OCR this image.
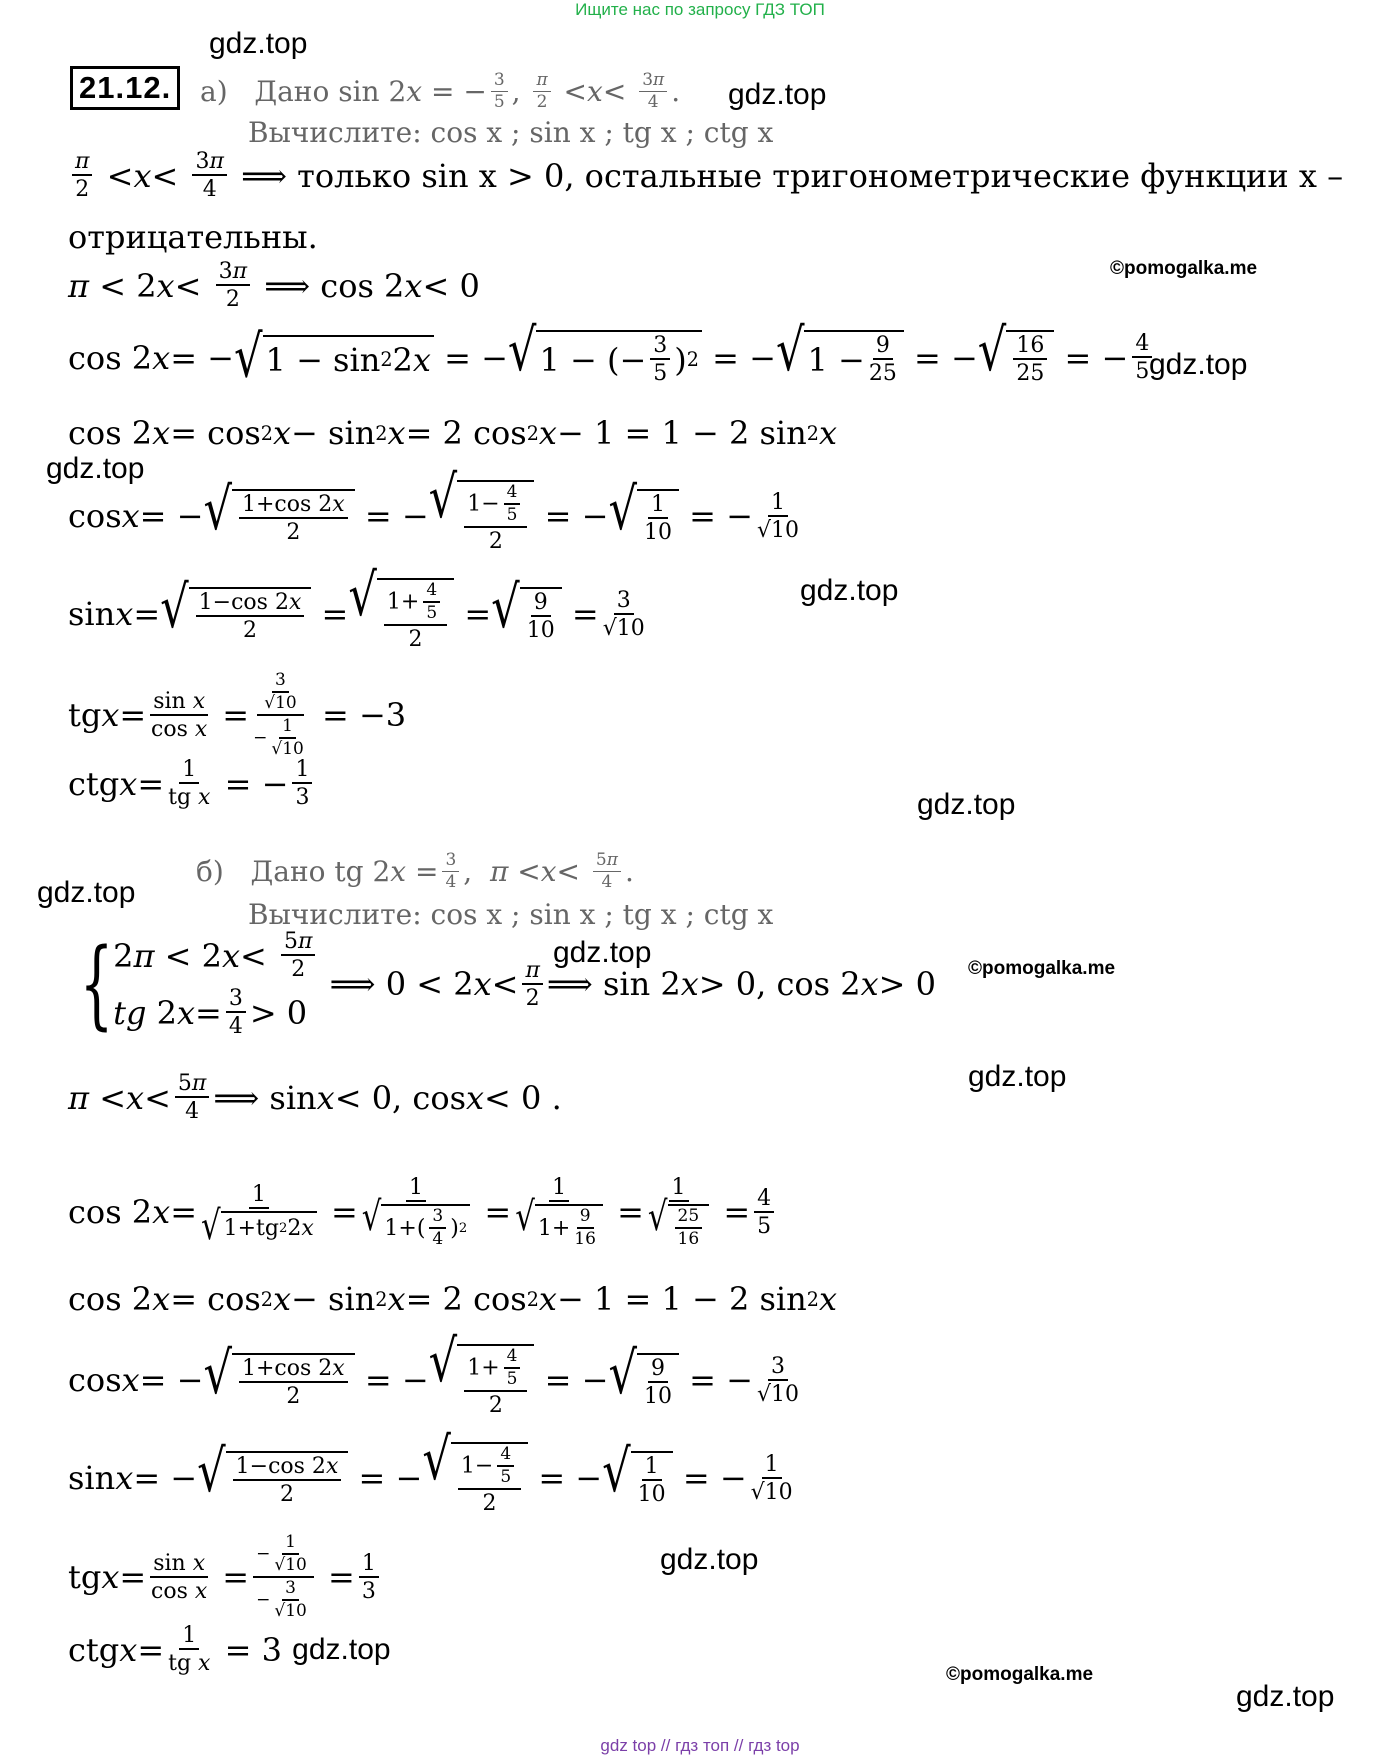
Ищите нас по запросу ГДЗ ТОП
gdz.top
gdz.top
gdz.top
gdz.top
gdz.top
gdz.top
gdz.top
gdz.top
gdz.top
gdz.top
gdz.top
©pomogalka.me
©pomogalka.me
©pomogalka.me
21.12.	а)
Дано sin 2 x = − 3
5 , π
2 < x < 3π
4 .
Вычислите: cos x ; sin x ; tg x ; ctg x
π
2 < x < 3π
4
⟹ только sin x > 0, остальные тригонометрические функции x –
отрицательны.
π < 2 x < 3π
2 ⟹ cos 2 x < 0
cos 2 x = − √ 1 − sin 2 2 x = − √ 1 − (− 3
5 ) 2 = − √ 1 − 9
25 = − √ 16
25 = − 4
5
cos 2 x = cos 2 x − sin 2 x = 2 cos 2 x − 1 = 1 − 2 sin 2 x
cos x = − √ 1+cos 2x
2 = − √ $1- \frac{4}{5}$
2
= − √ 1
10 = − 1
√10
sin x = √ 1−cos 2x
2 = √ $1+ \frac{4}{5}$
2
= √ 9
10 = 3
√10
tg x = sin x
cos x =
$\frac{3}{√10}$
− $\frac{1}{√10}$
= −3
ctg x = 1
tg x = − 1
3
б)
Дано tg 2 x = 3
4 , π < x < 5π
4 .
Вычислите: cos x ; sin x ; tg x ; ctg x
{ 2 π < 2 x < 5π
2
tg 2 x = 3
4 > 0
⟹ 0 < 2 x < π
2 ⟹ sin 2 x > 0, cos 2 x > 0
π < x < 5π
4 ⟹ sin x < 0, cos x < 0 .
cos 2 x = 1
√ 1+tg 2 2 x =
1
√ 1+( 3
4 ) 2 =
1
√ 1+ 9
16
=
1
√ 25
16
= 4
5
cos 2 x = cos 2 x − sin 2 x = 2 cos 2 x − 1 = 1 − 2 sin 2 x
cos x = − √ 1+cos 2x
2 = − √ $1+ \frac{4}{5}$
2
= − √ 9
10 = − 3
√10
sin x = − √ 1−cos 2x
2 = − √ $1- \frac{4}{5}$
2
= − √ 1
10 = − 1
√10
tg x = sin x
cos x =
− $\frac{1}{√10}$
− $\frac{3}{√10}$
= 1
3
ctg x = 1
tg x = 3 gdz.top
gdz top // гдз топ // гдз top
